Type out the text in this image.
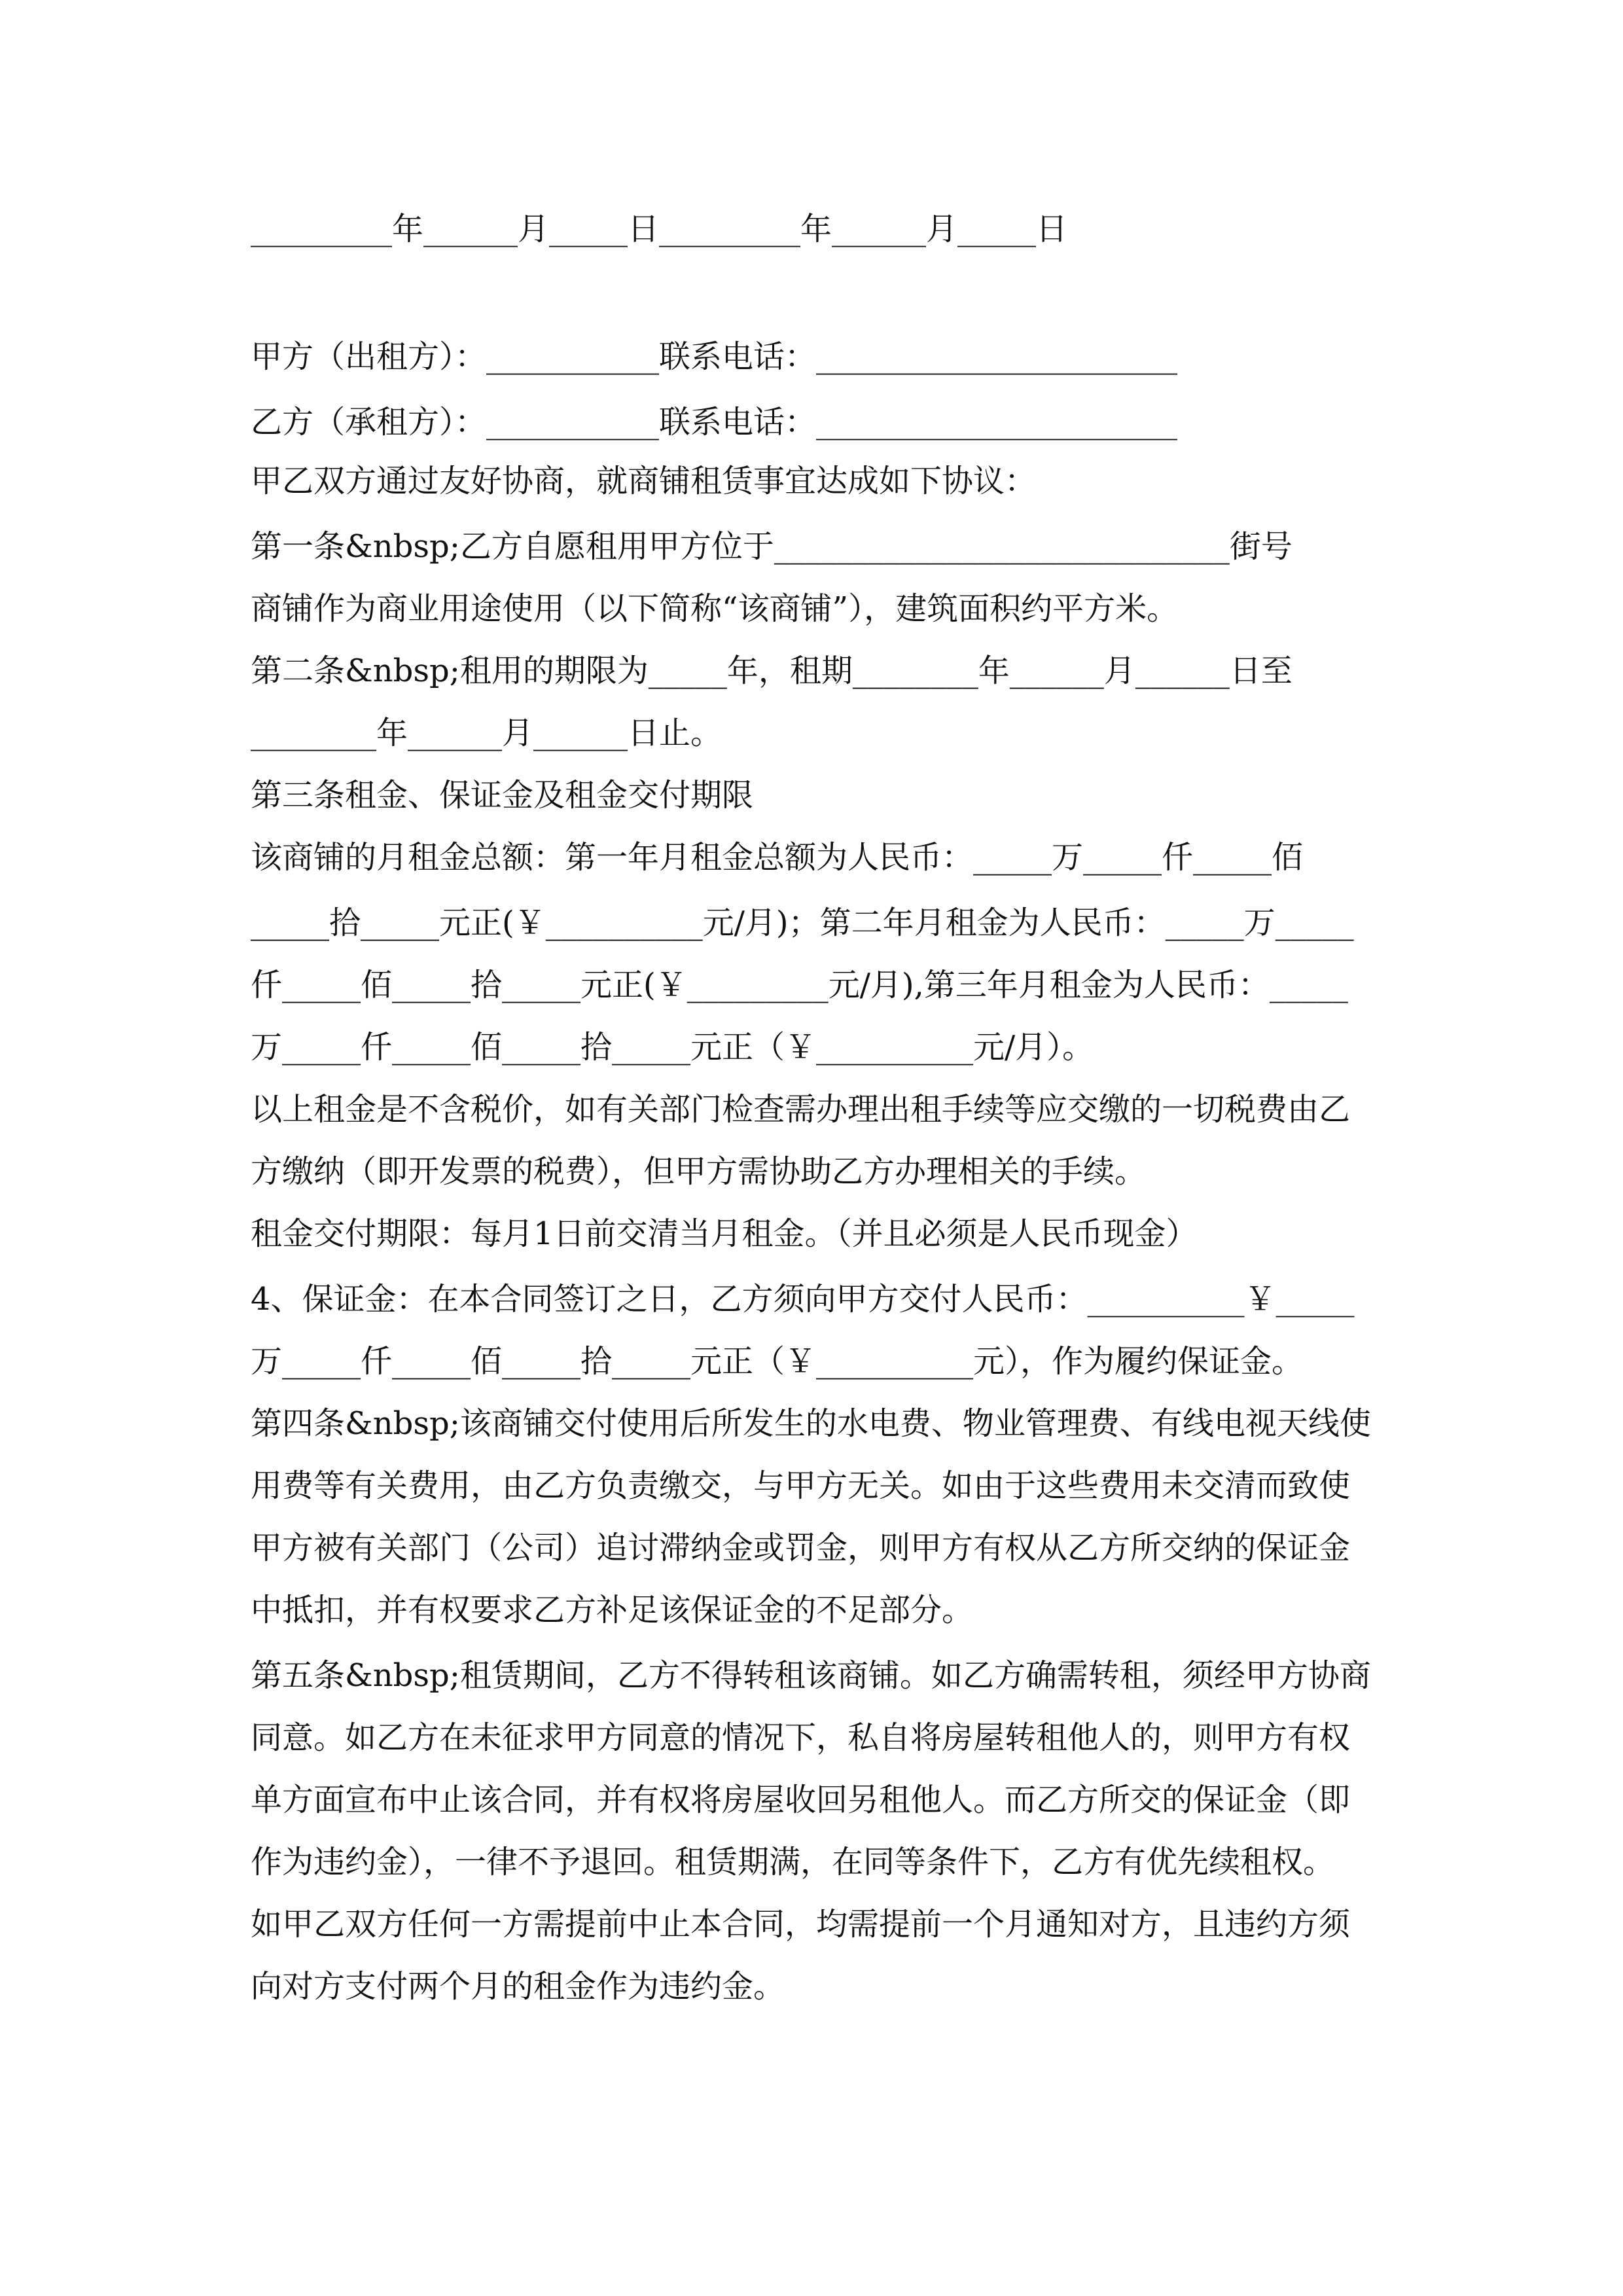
_________年______月_____日_________年______月_____日
甲方（出租方）：___________联系电话：_______________________
乙方（承租方）：___________联系电话：_______________________
甲乙双方通过友好协商，就商铺租赁事宜达成如下协议：
第一条&nbsp;乙方自愿租用甲方位于_____________________________街号
商铺作为商业用途使用（以下简称“该商铺”），建筑面积约平方米。
第二条&nbsp;租用的期限为_____年，租期________年______月______日至
________年______月______日止。
第三条租金、保证金及租金交付期限
该商铺的月租金总额：第一年月租金总额为人民币：_____万_____仟_____佰
_____拾_____元正(￥__________元/月)；第二年月租金为人民币：_____万_____
仟_____佰_____拾_____元正(￥_________元/月),第三年月租金为人民币：_____
万_____仟_____佰_____拾_____元正（￥__________元/月）。
以上租金是不含税价，如有关部门检查需办理出租手续等应交缴的一切税费由乙
方缴纳（即开发票的税费），但甲方需协助乙方办理相关的手续。
租金交付期限：每月1日前交清当月租金。（并且必须是人民币现金）
4、保证金：在本合同签订之日，乙方须向甲方交付人民币：__________￥_____
万_____仟_____佰_____拾_____元正（￥__________元），作为履约保证金。
第四条&nbsp;该商铺交付使用后所发生的水电费、物业管理费、有线电视天线使
用费等有关费用，由乙方负责缴交，与甲方无关。如由于这些费用未交清而致使
甲方被有关部门（公司）追讨滞纳金或罚金，则甲方有权从乙方所交纳的保证金
中抵扣，并有权要求乙方补足该保证金的不足部分。
第五条&nbsp;租赁期间，乙方不得转租该商铺。如乙方确需转租，须经甲方协商
同意。如乙方在未征求甲方同意的情况下，私自将房屋转租他人的，则甲方有权
单方面宣布中止该合同，并有权将房屋收回另租他人。而乙方所交的保证金（即
作为违约金），一律不予退回。租赁期满，在同等条件下，乙方有优先续租权。
如甲乙双方任何一方需提前中止本合同，均需提前一个月通知对方，且违约方须
向对方支付两个月的租金作为违约金。
